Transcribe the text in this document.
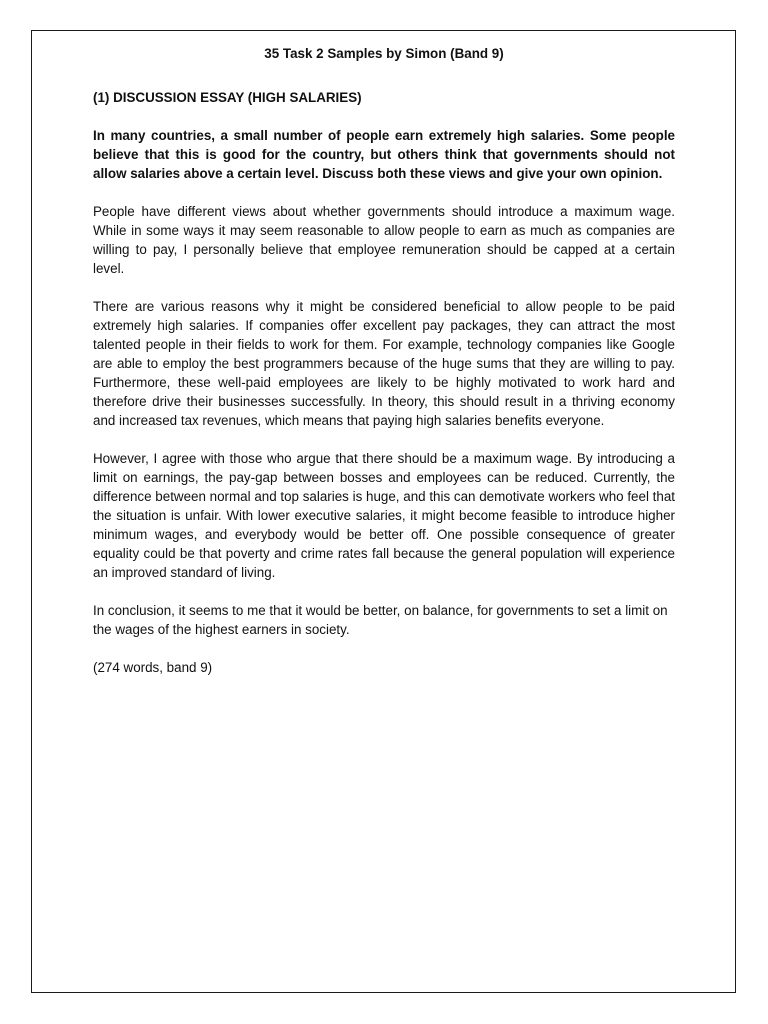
35 Task 2 Samples by Simon (Band 9)
(1) DISCUSSION ESSAY (HIGH SALARIES)
In many countries, a small number of people earn extremely high salaries. Some people believe that this is good for the country, but others think that governments should not allow salaries above a certain level. Discuss both these views and give your own opinion.
People have different views about whether governments should introduce a maximum wage. While in some ways it may seem reasonable to allow people to earn as much as companies are willing to pay, I personally believe that employee remuneration should be capped at a certain level.
There are various reasons why it might be considered beneficial to allow people to be paid extremely high salaries. If companies offer excellent pay packages, they can attract the most talented people in their fields to work for them. For example, technology companies like Google are able to employ the best programmers because of the huge sums that they are willing to pay. Furthermore, these well-paid employees are likely to be highly motivated to work hard and therefore drive their businesses successfully. In theory, this should result in a thriving economy and increased tax revenues, which means that paying high salaries benefits everyone.
However, I agree with those who argue that there should be a maximum wage. By introducing a limit on earnings, the pay-gap between bosses and employees can be reduced. Currently, the difference between normal and top salaries is huge, and this can demotivate workers who feel that the situation is unfair. With lower executive salaries, it might become feasible to introduce higher minimum wages, and everybody would be better off. One possible consequence of greater equality could be that poverty and crime rates fall because the general population will experience an improved standard of living.
In conclusion, it seems to me that it would be better, on balance, for governments to set a limit on the wages of the highest earners in society.
(274 words, band 9)
